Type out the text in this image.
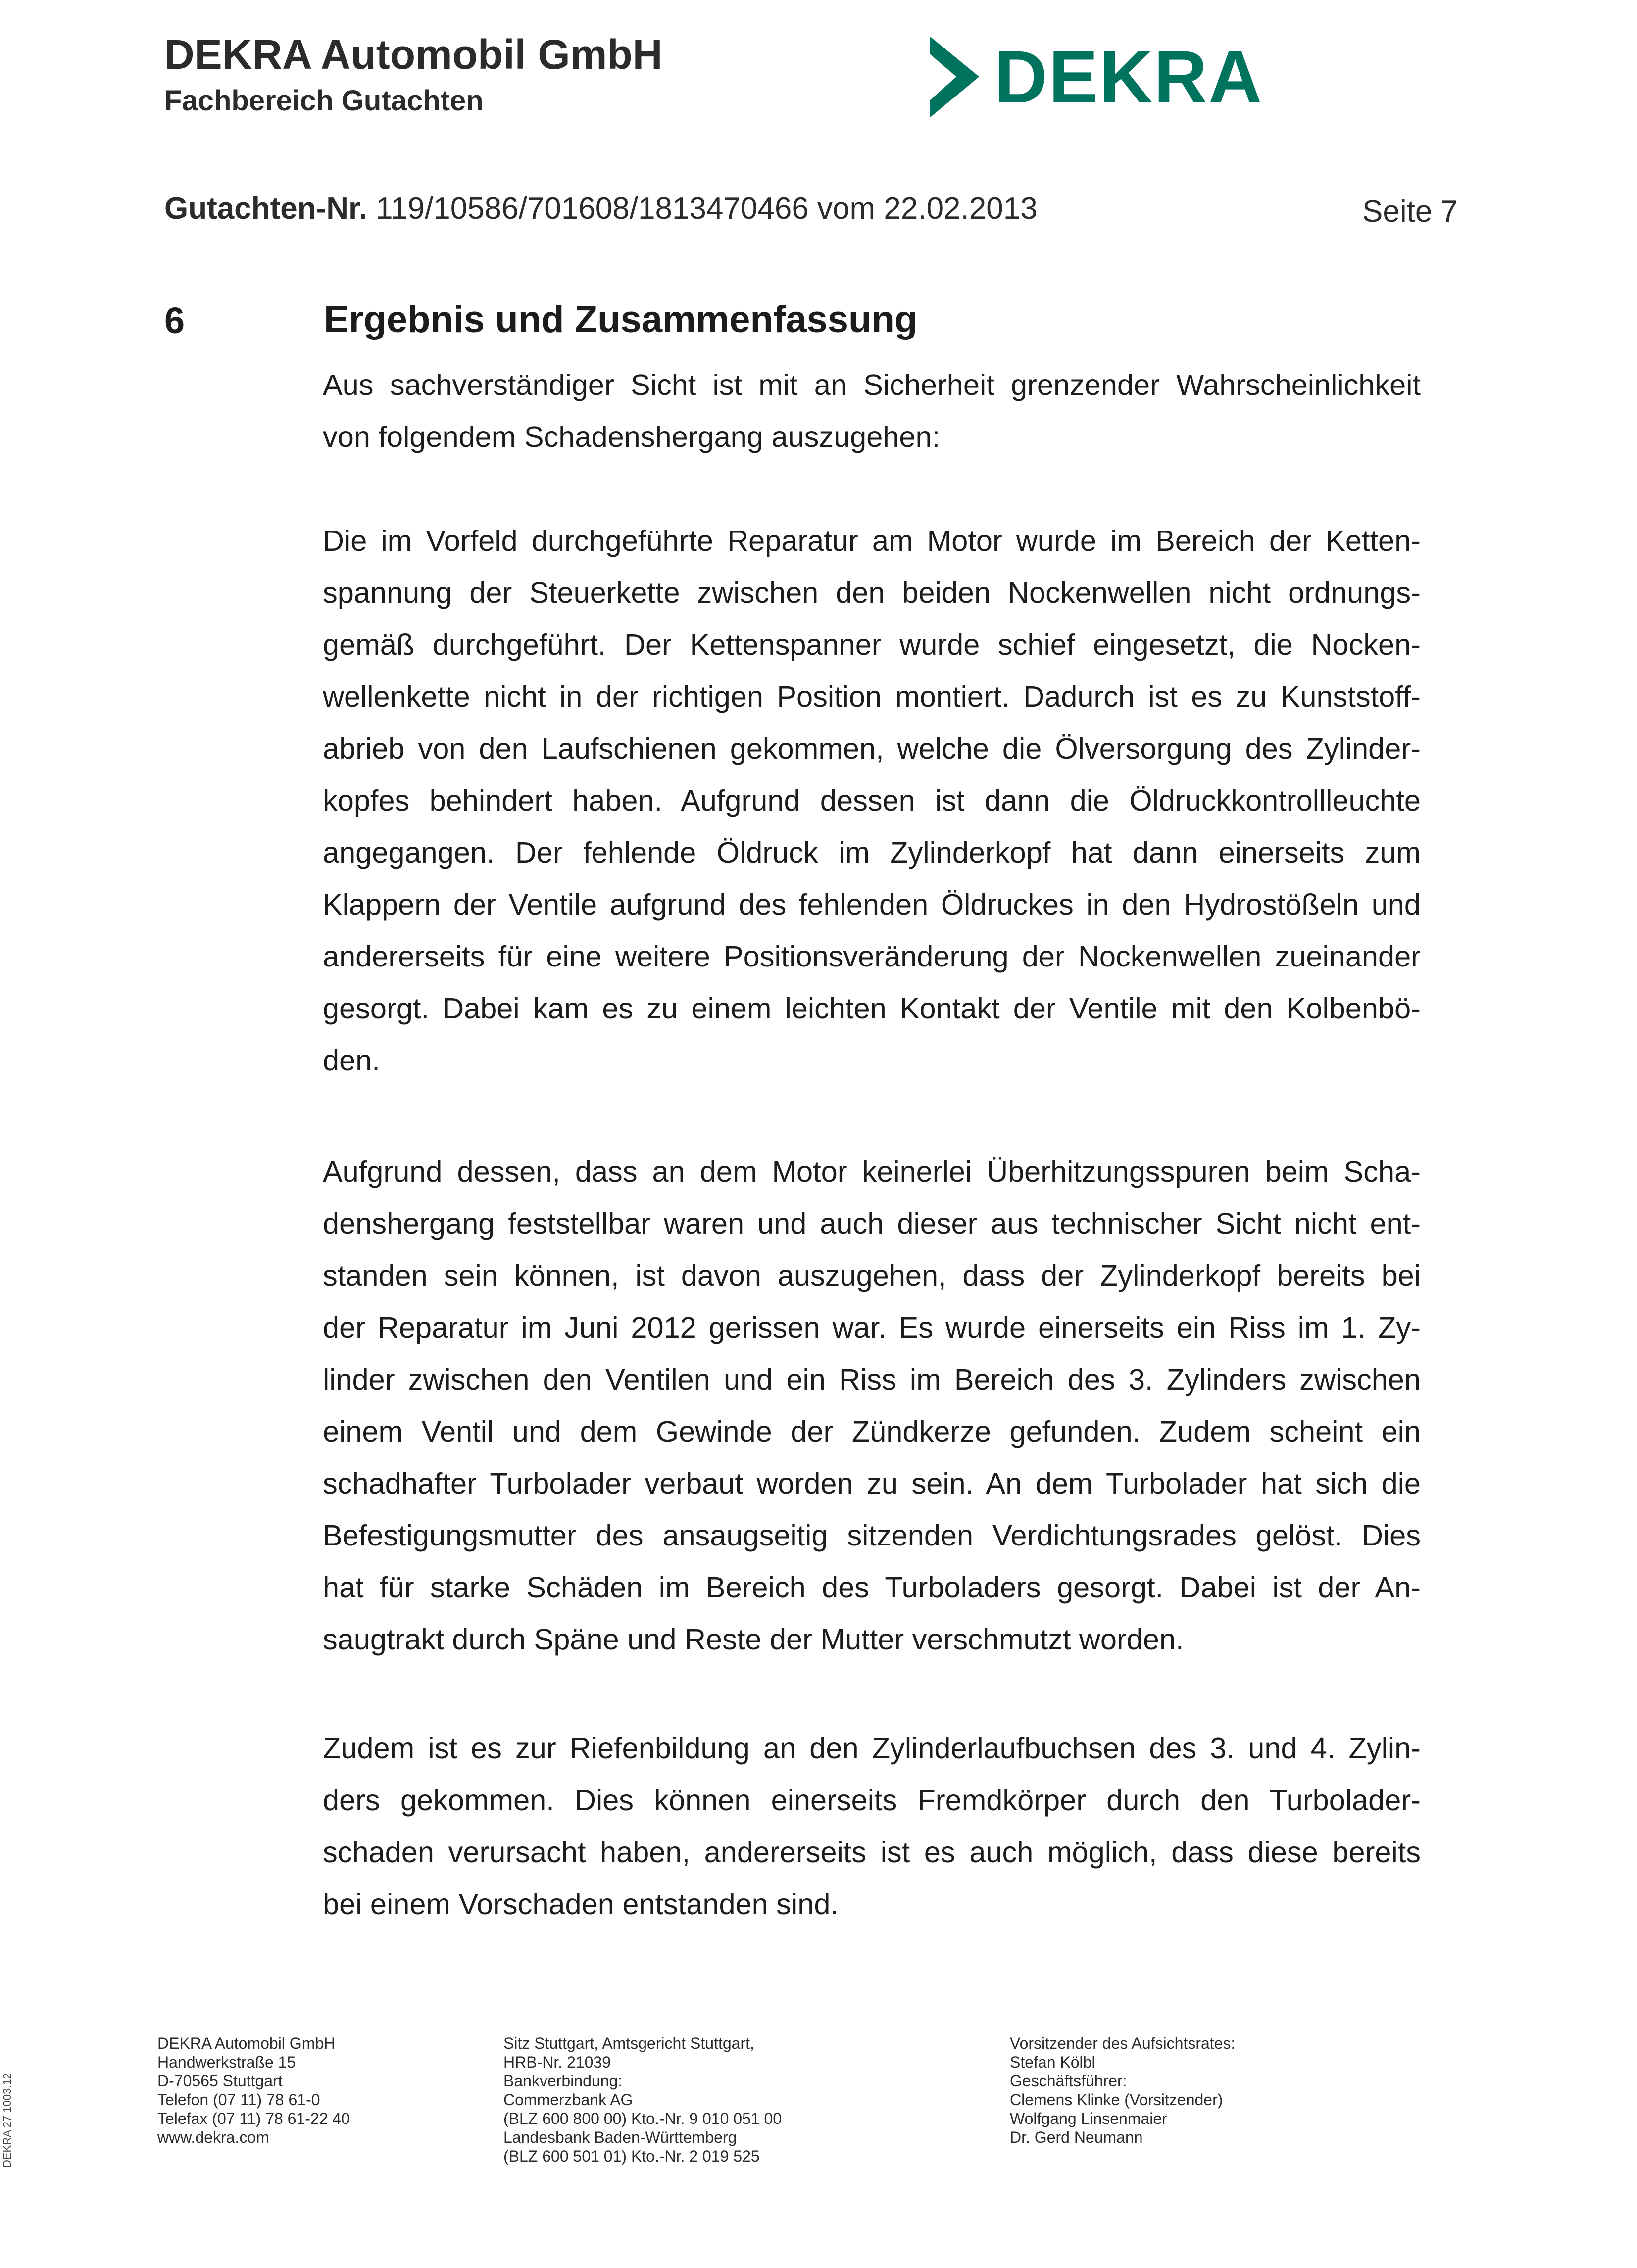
DEKRA Automobil GmbH
Fachbereich Gutachten	DEKRA
Gutachten-Nr. 119/10586/701608/1813470466 vom 22.02.2013	Seite 7
6	Ergebnis und Zusammenfassung
Aus sachverständiger Sicht ist mit an Sicherheit grenzender Wahrscheinlichkeit
von folgendem Schadenshergang auszugehen:
Die im Vorfeld durchgeführte Reparatur am Motor wurde im Bereich der Ketten-
spannung der Steuerkette zwischen den beiden Nockenwellen nicht ordnungs-
gemäß durchgeführt. Der Kettenspanner wurde schief eingesetzt, die Nocken-
wellenkette nicht in der richtigen Position montiert. Dadurch ist es zu Kunststoff-
abrieb von den Laufschienen gekommen, welche die Ölversorgung des Zylinder-
kopfes behindert haben. Aufgrund dessen ist dann die Öldruckkontrollleuchte
angegangen. Der fehlende Öldruck im Zylinderkopf hat dann einerseits zum
Klappern der Ventile aufgrund des fehlenden Öldruckes in den Hydrostößeln und
andererseits für eine weitere Positionsveränderung der Nockenwellen zueinander
gesorgt. Dabei kam es zu einem leichten Kontakt der Ventile mit den Kolbenbö-
den.
Aufgrund dessen, dass an dem Motor keinerlei Überhitzungsspuren beim Scha-
denshergang feststellbar waren und auch dieser aus technischer Sicht nicht ent-
standen sein können, ist davon auszugehen, dass der Zylinderkopf bereits bei
der Reparatur im Juni 2012 gerissen war. Es wurde einerseits ein Riss im 1. Zy-
linder zwischen den Ventilen und ein Riss im Bereich des 3. Zylinders zwischen
einem Ventil und dem Gewinde der Zündkerze gefunden. Zudem scheint ein
schadhafter Turbolader verbaut worden zu sein. An dem Turbolader hat sich die
Befestigungsmutter des ansaugseitig sitzenden Verdichtungsrades gelöst. Dies
hat für starke Schäden im Bereich des Turboladers gesorgt. Dabei ist der An-
saugtrakt durch Späne und Reste der Mutter verschmutzt worden.
Zudem ist es zur Riefenbildung an den Zylinderlaufbuchsen des 3. und 4. Zylin-
ders gekommen. Dies können einerseits Fremdkörper durch den Turbolader-
schaden verursacht haben, andererseits ist es auch möglich, dass diese bereits
bei einem Vorschaden entstanden sind.
DEKRA Automobil GmbH
Handwerkstraße 15
D-70565 Stuttgart
Telefon (07 11) 78 61-0
Telefax (07 11) 78 61-22 40
www.dekra.com
Sitz Stuttgart, Amtsgericht Stuttgart,
HRB-Nr. 21039
Bankverbindung:
Commerzbank AG
(BLZ 600 800 00) Kto.-Nr. 9 010 051 00
Landesbank Baden-Württemberg
(BLZ 600 501 01) Kto.-Nr. 2 019 525
Vorsitzender des Aufsichtsrates:
Stefan Kölbl
Geschäftsführer:
Clemens Klinke (Vorsitzender)
Wolfgang Linsenmaier
Dr. Gerd Neumann
DEKRA 27 1003.12
